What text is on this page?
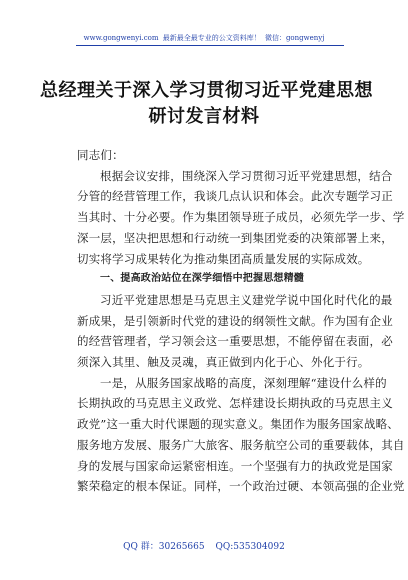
www.gongwenyi.com 最新最全最专业的公文资料库！ 微信：gongwenyj
总经理关于深入学习贯彻习近平党建思想
研讨发言材料
同志们：
根据会议安排，围绕深入学习贯彻习近平党建思想，结合
分管的经营管理工作，我谈几点认识和体会。此次专题学习正
当其时、十分必要。作为集团领导班子成员，必须先学一步、学
深一层，坚决把思想和行动统一到集团党委的决策部署上来，
切实将学习成果转化为推动集团高质量发展的实际成效。
一、提高政治站位在深学细悟中把握思想精髓
习近平党建思想是马克思主义建党学说中国化时代化的最
新成果，是引领新时代党的建设的纲领性文献。作为国有企业
的经营管理者，学习领会这一重要思想，不能停留在表面，必
须深入其里、触及灵魂，真正做到内化于心、外化于行。
一是，从服务国家战略的高度，深刻理解“建设什么样的
长期执政的马克思主义政党、怎样建设长期执政的马克思主义
政党”这一重大时代课题的现实意义。集团作为服务国家战略、
服务地方发展、服务广大旅客、服务航空公司的重要载体，其自
身的发展与国家命运紧密相连。一个坚强有力的执政党是国家
繁荣稳定的根本保证。同样，一个政治过硬、本领高强的企业党
QQ 群：30265665 QQ:535304092
